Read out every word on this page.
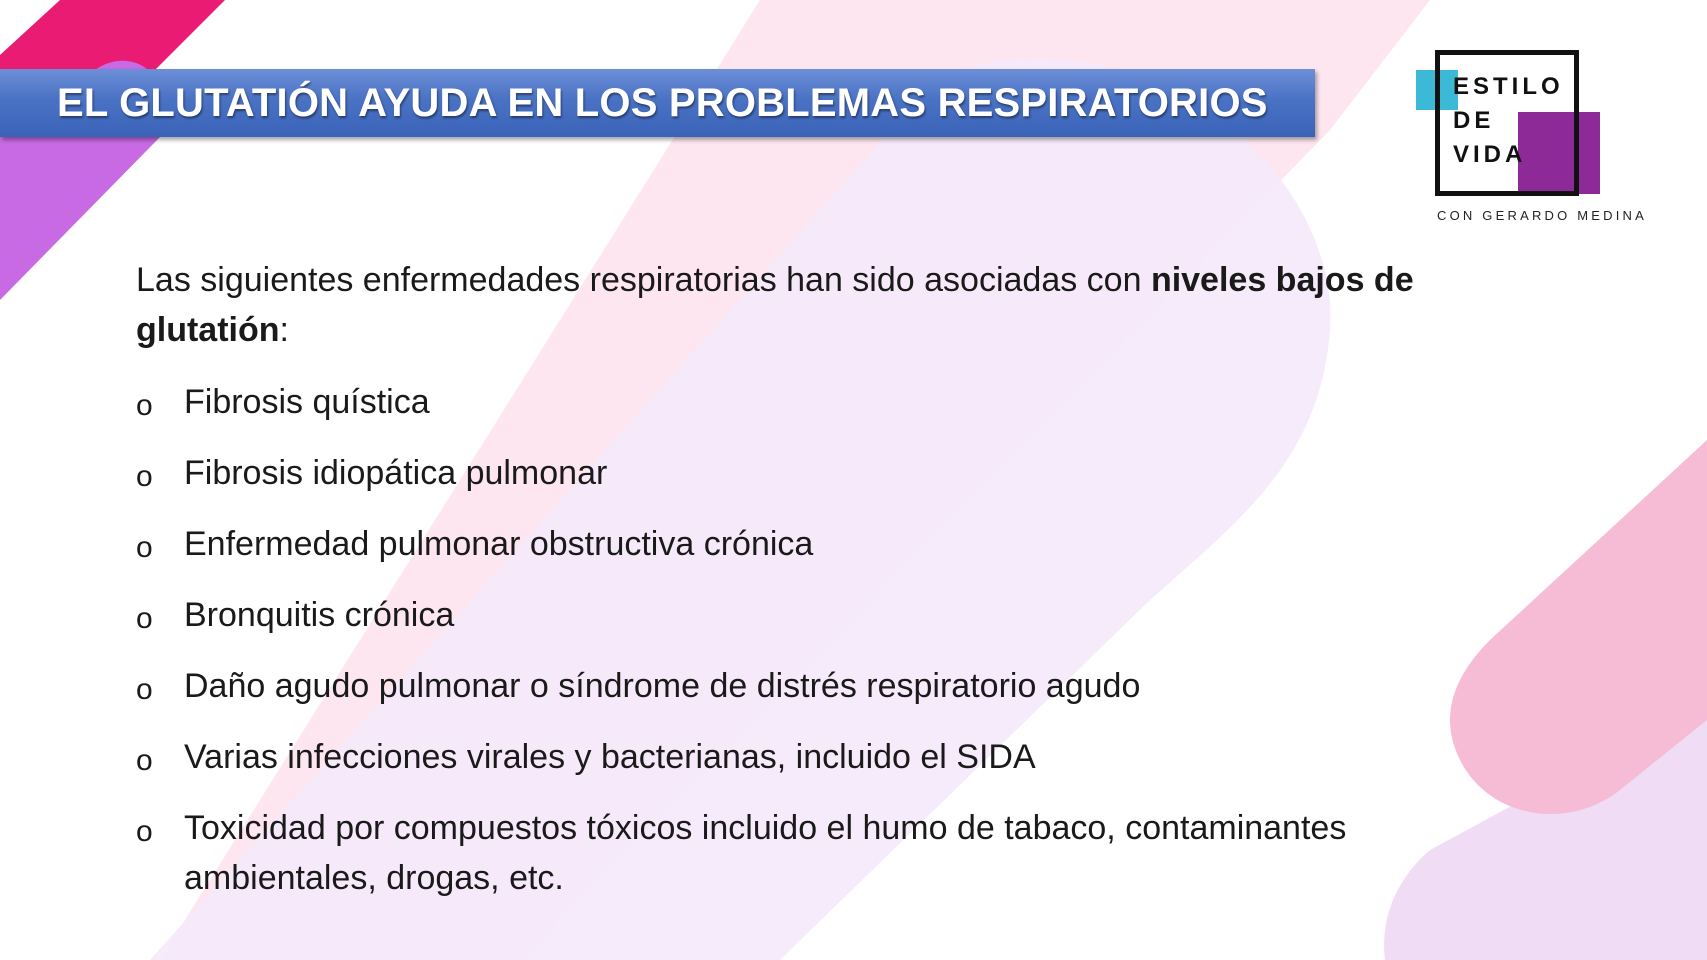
EL GLUTATIÓN AYUDA EN LOS PROBLEMAS RESPIRATORIOS	ESTILO
DE
VIDA
CON GERARDO MEDINA

Las siguientes enfermedades respiratorias han sido asociadas con niveles bajos de glutatión:

o Fibrosis quística
o Fibrosis idiopática pulmonar
o Enfermedad pulmonar obstructiva crónica
o Bronquitis crónica
o Daño agudo pulmonar o síndrome de distrés respiratorio agudo
o Varias infecciones virales y bacterianas, incluido el SIDA
o Toxicidad por compuestos tóxicos incluido el humo de tabaco, contaminantes ambientales, drogas, etc.
